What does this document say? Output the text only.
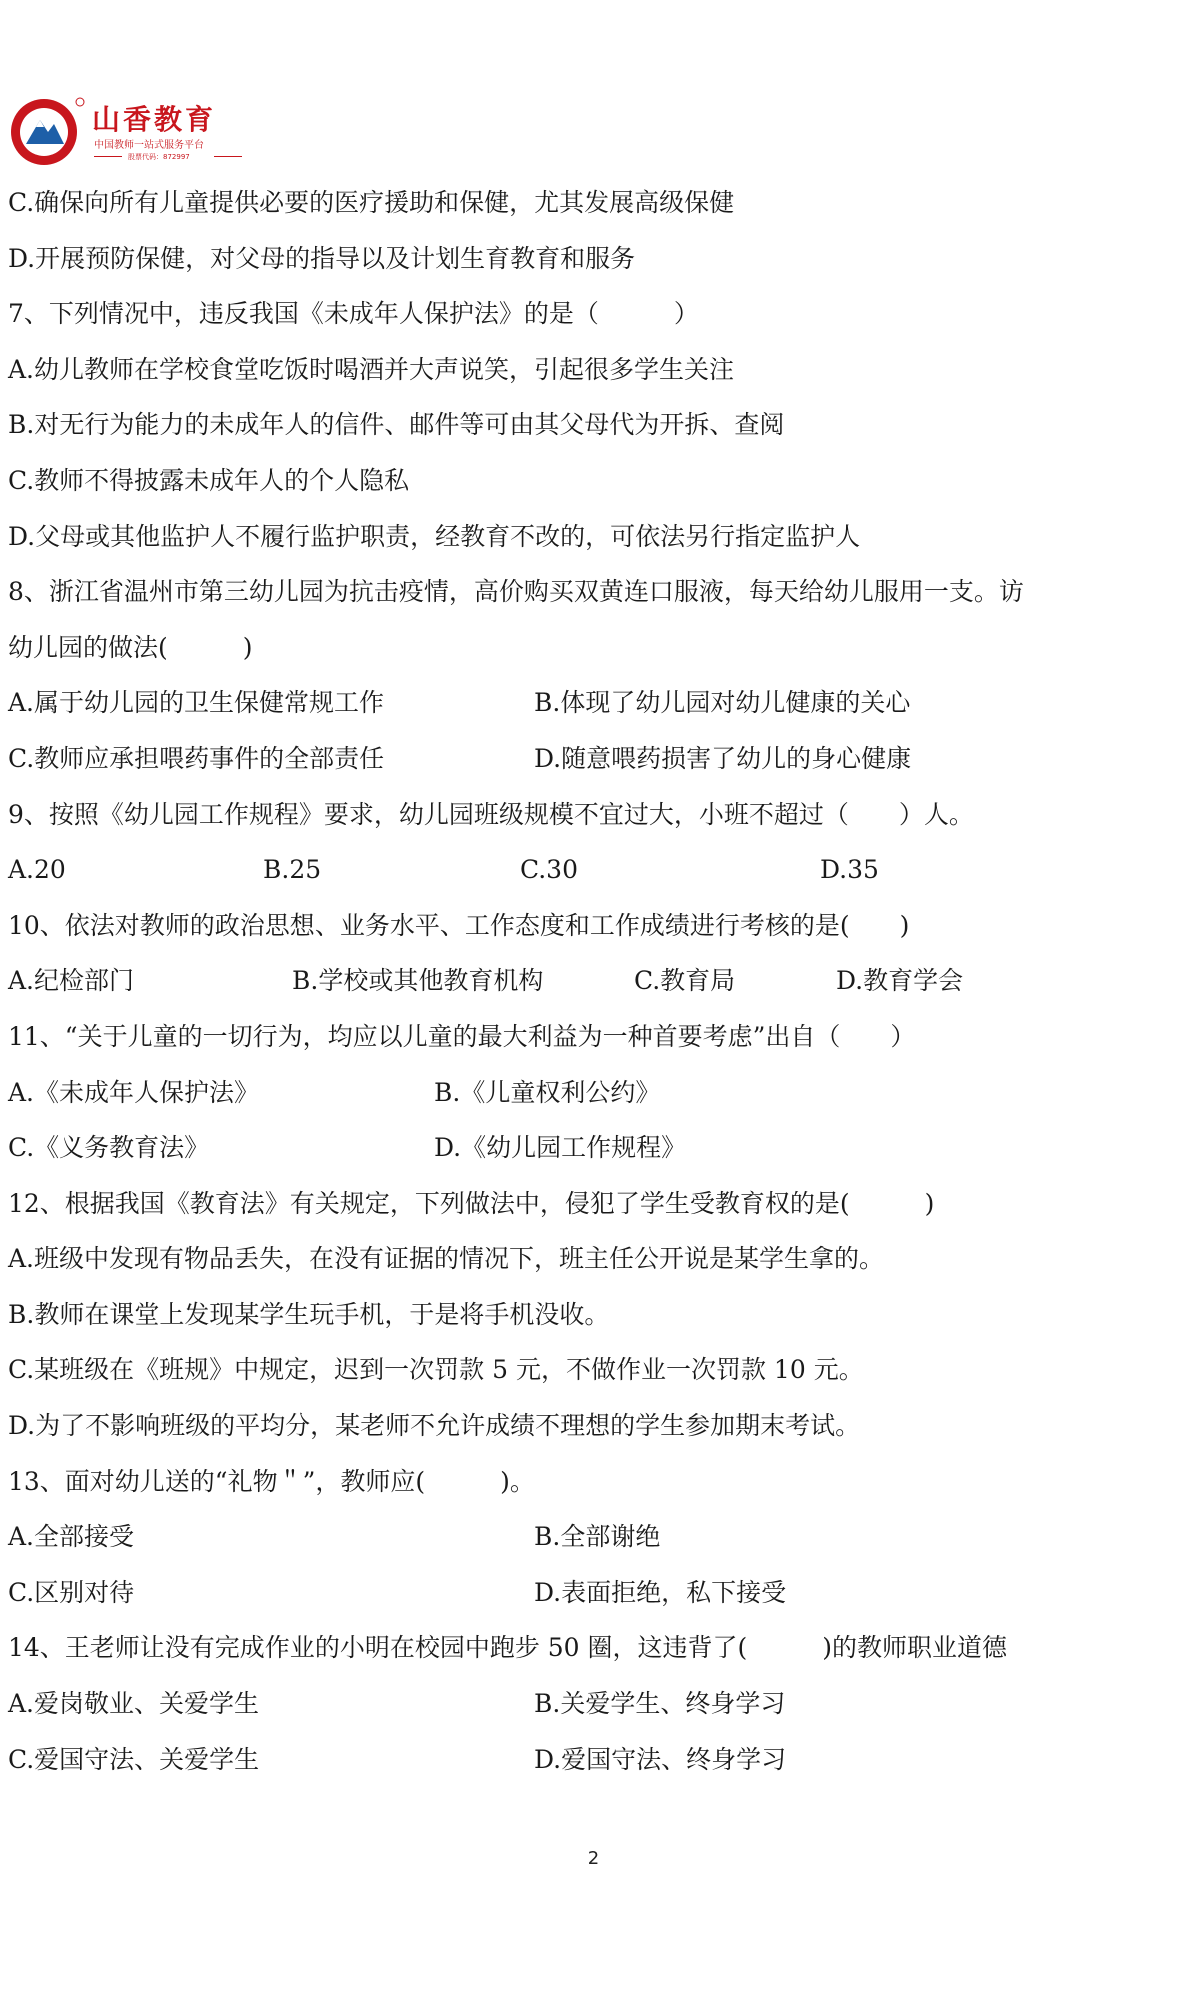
山香教育
中国教师一站式服务平台
股票代码：872997
C.确保向所有儿童提供必要的医疗援助和保健，尤其发展高级保健
D.开展预防保健，对父母的指导以及计划生育教育和服务
7、下列情况中，违反我国《未成年人保护法》的是（　　　）
A.幼儿教师在学校食堂吃饭时喝酒并大声说笑，引起很多学生关注
B.对无行为能力的未成年人的信件、邮件等可由其父母代为开拆、查阅
C.教师不得披露未成年人的个人隐私
D.父母或其他监护人不履行监护职责，经教育不改的，可依法另行指定监护人
8、浙江省温州市第三幼儿园为抗击疫情，高价购买双黄连口服液，每天给幼儿服用一支。访
幼儿园的做法(　　　)
A.属于幼儿园的卫生保健常规工作	B.体现了幼儿园对幼儿健康的关心
C.教师应承担喂药事件的全部责任	D.随意喂药损害了幼儿的身心健康
9、按照《幼儿园工作规程》要求，幼儿园班级规模不宜过大，小班不超过（　　）人。
A.20	B.25	C.30	D.35
10、依法对教师的政治思想、业务水平、工作态度和工作成绩进行考核的是(　　)
A.纪检部门	B.学校或其他教育机构	C.教育局	D.教育学会
11、“关于儿童的一切行为，均应以儿童的最大利益为一种首要考虑”出自（　　）
A.《未成年人保护法》	B.《儿童权利公约》
C.《义务教育法》	D.《幼儿园工作规程》
12、根据我国《教育法》有关规定，下列做法中，侵犯了学生受教育权的是(　　　)
A.班级中发现有物品丢失，在没有证据的情况下，班主任公开说是某学生拿的。
B.教师在课堂上发现某学生玩手机，于是将手机没收。
C.某班级在《班规》中规定，迟到一次罚款 5 元，不做作业一次罚款 10 元。
D.为了不影响班级的平均分，某老师不允许成绩不理想的学生参加期末考试。
13、面对幼儿送的“礼物＂”，教师应(　　　)。
A.全部接受	B.全部谢绝
C.区别对待	D.表面拒绝，私下接受
14、王老师让没有完成作业的小明在校园中跑步 50 圈，这违背了(　　　)的教师职业道德
A.爱岗敬业、关爱学生	B.关爱学生、终身学习
C.爱国守法、关爱学生	D.爱国守法、终身学习
2
